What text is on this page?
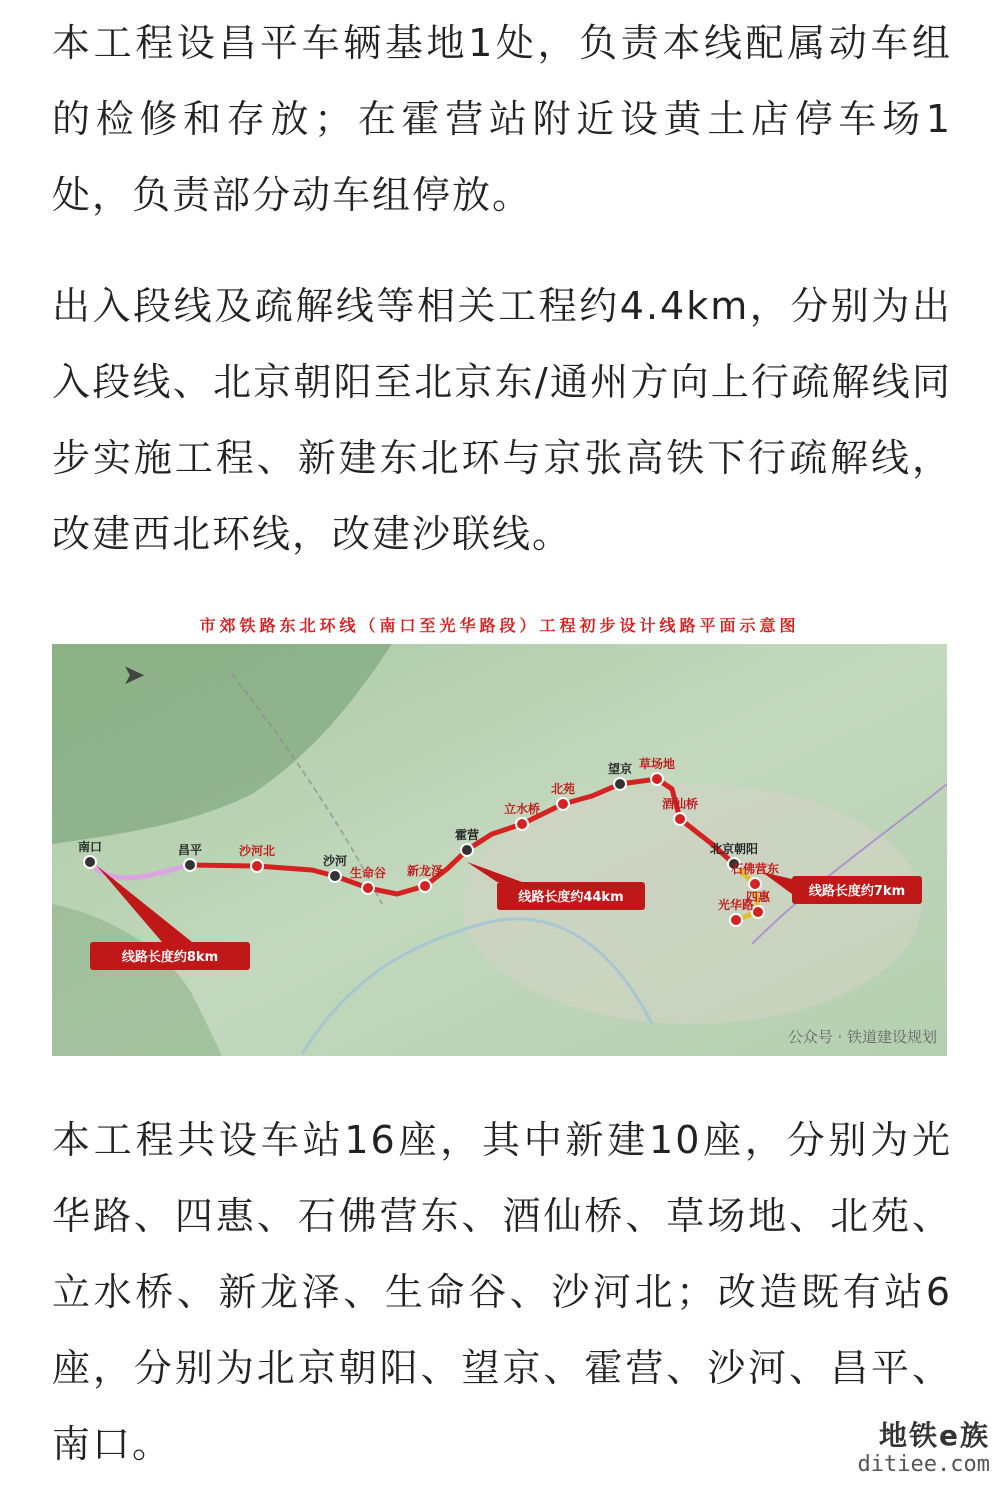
本工程设昌平车辆基地1处，负责本线配属动车组的检修和存放；在霍营站附近设黄土店停车场1处，负责部分动车组停放。

出入段线及疏解线等相关工程约4.4km，分别为出入段线、北京朝阳至北京东/通州方向上行疏解线同步实施工程、新建东北环与京张高铁下行疏解线，改建西北环线，改建沙联线。

市郊铁路东北环线（南口至光华路段）工程初步设计线路平面示意图
线路长度约8km
线路长度约44km	线路长度约7km
南口	昌平
沙河
霍营
望京
北京朝阳
沙河北
生命谷 新龙泽
立水桥
北苑
草场地
酒仙桥
石佛营东
四惠
光华路
公众号 · 铁道建设规划
➤

本工程共设车站16座，其中新建10座，分别为光华路、四惠、石佛营东、酒仙桥、草场地、北苑、立水桥、新龙泽、生命谷、沙河北；改造既有站6座，分别为北京朝阳、望京、霍营、沙河、昌平、南口。	地铁e族
ditiee.com
